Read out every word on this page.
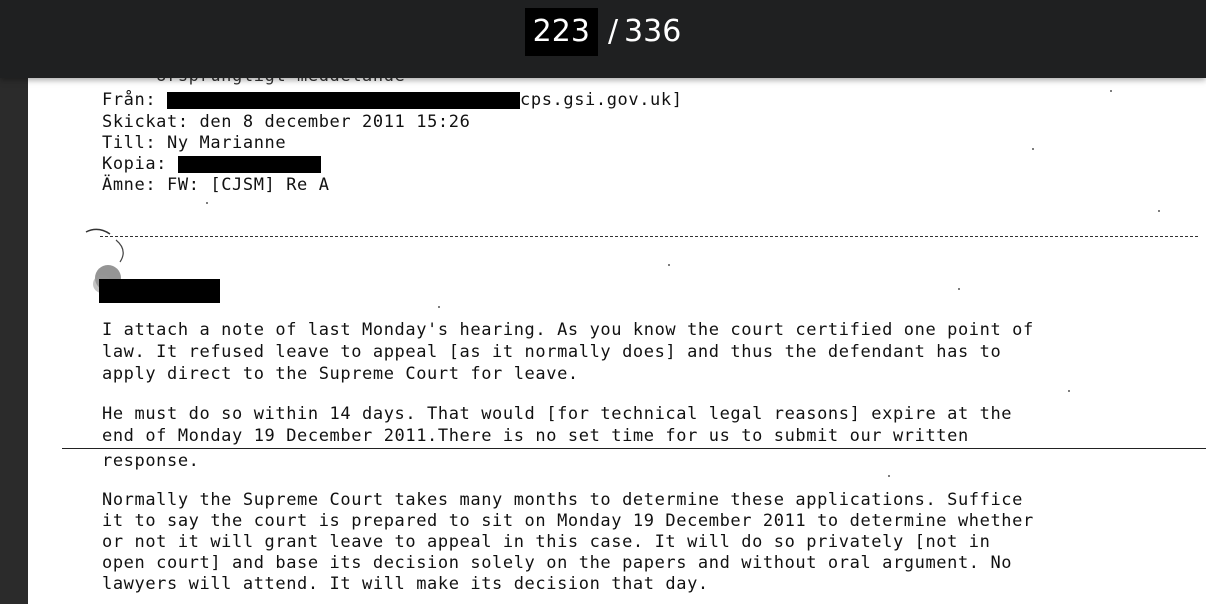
Från:	cps.gsi.gov.uk]
Skickat: den 8 december 2011 15:26
Till: Ny Marianne
Kopia:
Ämne: FW: [CJSM] Re A
I attach a note of last Monday's hearing. As you know the court certified one point of
law. It refused leave to appeal [as it normally does] and thus the defendant has to
apply direct to the Supreme Court for leave.
He must do so within 14 days. That would [for technical legal reasons] expire at the
end of Monday 19 December 2011.There is no set time for us to submit our written
response.
Normally the Supreme Court takes many months to determine these applications. Suffice
it to say the court is prepared to sit on Monday 19 December 2011 to determine whether
or not it will grant leave to appeal in this case. It will do so privately [not in
open court] and base its decision solely on the papers and without oral argument. No
lawyers will attend. It will make its decision that day.
223 / 336
